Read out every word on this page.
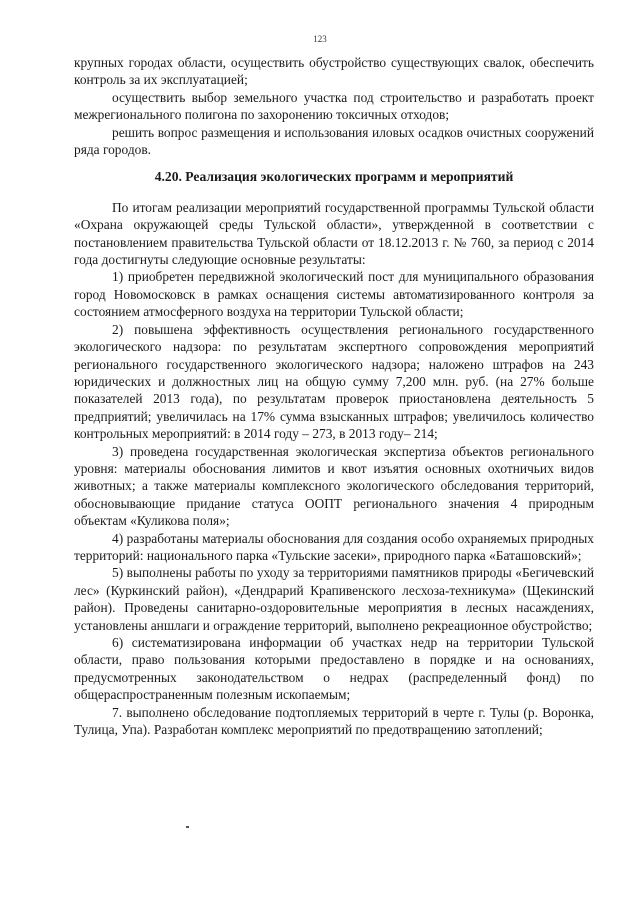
123

крупных городах области, осуществить обустройство существующих свалок, обеспечить контроль за их эксплуатацией;

осуществить выбор земельного участка под строительство и разработать проект межрегионального полигона по захоронению токсичных отходов;

решить вопрос размещения и использования иловых осадков очистных сооружений ряда городов.

4.20. Реализация экологических программ и мероприятий

По итогам реализации мероприятий государственной программы Тульской области «Охрана окружающей среды Тульской области», утвержденной в соответствии с постановлением правительства Тульской области от 18.12.2013 г. № 760, за период с 2014 года достигнуты следующие основные результаты:

1) приобретен передвижной экологический пост для муниципального образования город Новомосковск в рамках оснащения системы автоматизированного контроля за состоянием атмосферного воздуха на территории Тульской области;

2) повышена эффективность осуществления регионального государственного экологического надзора: по результатам экспертного сопровождения мероприятий регионального государственного экологического надзора; наложено штрафов на 243 юридических и должностных лиц на общую сумму 7,200 млн. руб. (на 27% больше показателей 2013 года), по результатам проверок приостановлена деятельность 5 предприятий; увеличилась на 17% сумма взысканных штрафов; увеличилось количество контрольных мероприятий: в 2014 году – 273, в 2013 году– 214;

3) проведена государственная экологическая экспертиза объектов регионального уровня: материалы обоснования лимитов и квот изъятия основных охотничьих видов животных; а также материалы комплексного экологического обследования территорий, обосновывающие придание статуса ООПТ регионального значения 4 природным объектам «Куликова поля»;

4) разработаны материалы обоснования для создания особо охраняемых природных территорий: национального парка «Тульские засеки», природного парка «Баташовский»;

5) выполнены работы по уходу за территориями памятников природы «Бегичевский лес» (Куркинский район), «Дендрарий Крапивенского лесхоза-техникума» (Щекинский район). Проведены санитарно-оздоровительные мероприятия в лесных насаждениях, установлены аншлаги и ограждение территорий, выполнено рекреационное обустройство;

6) систематизирована информации об участках недр на территории Тульской области, право пользования которыми предоставлено в порядке и на основаниях, предусмотренных законодательством о недрах (распределенный фонд) по общераспространенным полезным ископаемым;

7. выполнено обследование подтопляемых территорий в черте г. Тулы (р. Воронка, Тулица, Упа). Разработан комплекс мероприятий по предотвращению затоплений;
